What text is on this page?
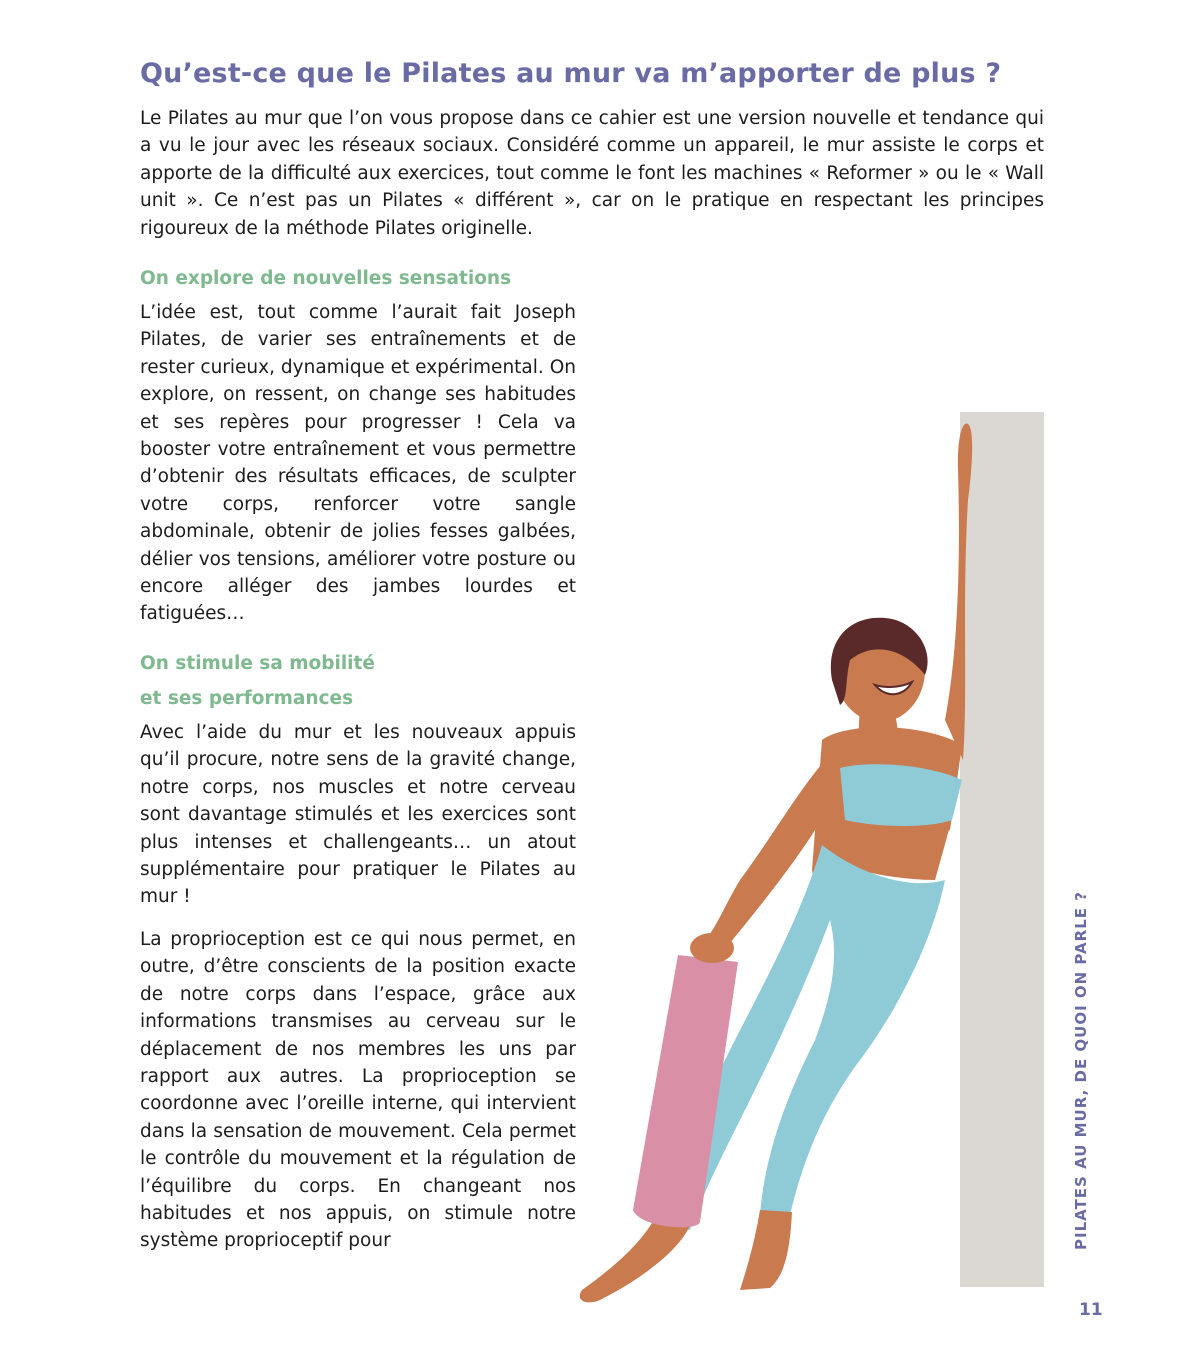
Qu’est-ce que le Pilates au mur va m’apporter de plus ?

Le Pilates au mur que l’on vous propose dans ce cahier est une version nouvelle et tendance qui a vu le jour avec les réseaux sociaux. Considéré comme un appareil, le mur assiste le corps et apporte de la difficulté aux exercices, tout comme le font les machines « Reformer » ou le « Wall unit ». Ce n’est pas un Pilates « différent », car on le pratique en respectant les principes rigoureux de la méthode Pilates originelle.

On explore de nouvelles sensations

L’idée est, tout comme l’aurait fait Joseph Pilates, de varier ses entraînements et de rester curieux, dynamique et expérimental. On explore, on ressent, on change ses habitudes et ses repères pour progresser ! Cela va booster votre entraînement et vous permettre d’obtenir des résultats efficaces, de sculpter votre corps, renforcer votre sangle abdominale, obtenir de jolies fesses galbées, délier vos tensions, améliorer votre posture ou encore alléger des jambes lourdes et fatiguées…

On stimule sa mobilité
et ses performances

Avec l’aide du mur et les nouveaux appuis qu’il procure, notre sens de la gravité change, notre corps, nos muscles et notre cerveau sont davantage stimulés et les exercices sont plus intenses et challengeants… un atout supplémentaire pour pratiquer le Pilates au mur !

La proprioception est ce qui nous permet, en outre, d’être conscients de la position exacte de notre corps dans l’espace, grâce aux informations transmises au cerveau sur le déplacement de nos membres les uns par rapport aux autres. La proprioception se coordonne avec l’oreille interne, qui intervient dans la sensation de mouvement. Cela permet le contrôle du mouvement et la régulation de l’équilibre du corps. En changeant nos habitudes et nos appuis, on stimule notre système proprioceptif pour	PILATES AU MUR, DE QUOI ON PARLE ?
11
